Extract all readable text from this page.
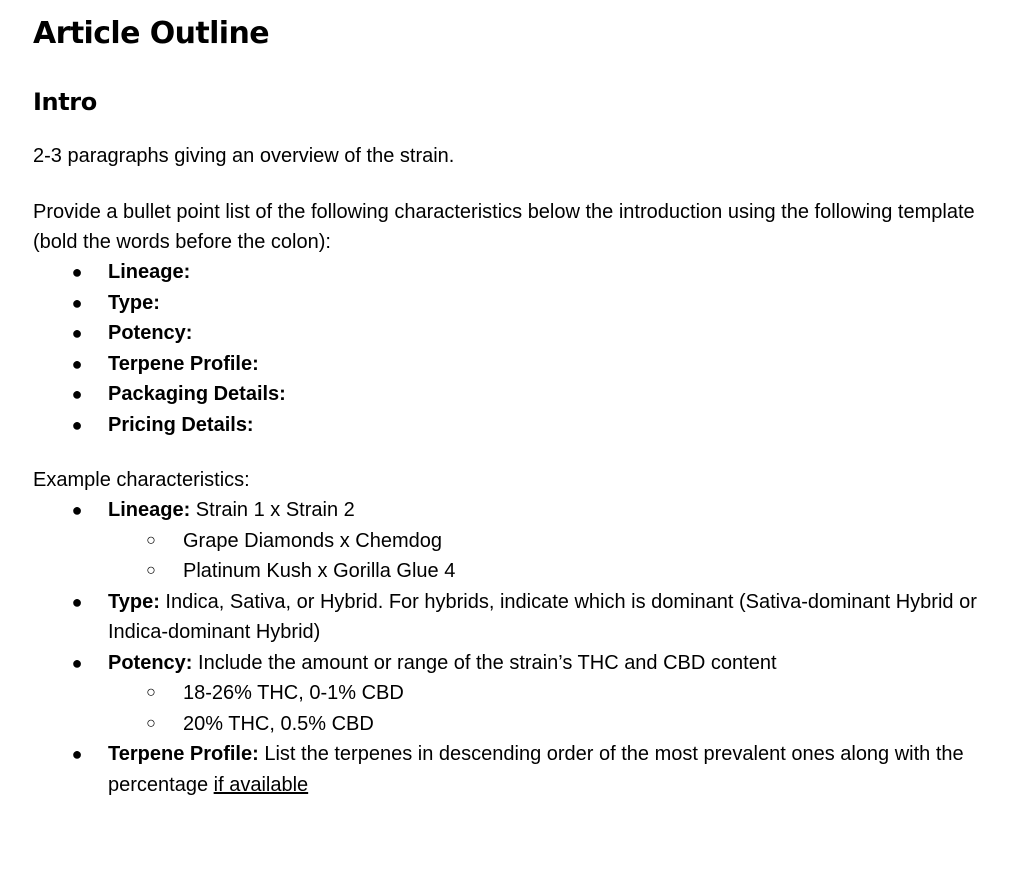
Article Outline
Intro

2-3 paragraphs giving an overview of the strain.

Provide a bullet point list of the following characteristics below the introduction using the following template (bold the words before the colon):

● Lineage:
● Type:
● Potency:
● Terpene Profile:
● Packaging Details:
● Pricing Details:

Example characteristics:

● Lineage: Strain 1 x Strain 2
○ Grape Diamonds x Chemdog
○ Platinum Kush x Gorilla Glue 4
● Type: Indica, Sativa, or Hybrid. For hybrids, indicate which is dominant (Sativa-dominant Hybrid or Indica-dominant Hybrid)
● Potency: Include the amount or range of the strain’s THC and CBD content
○ 18-26% THC, 0-1% CBD
○ 20% THC, 0.5% CBD
● Terpene Profile: List the terpenes in descending order of the most prevalent ones along with the percentage if available
